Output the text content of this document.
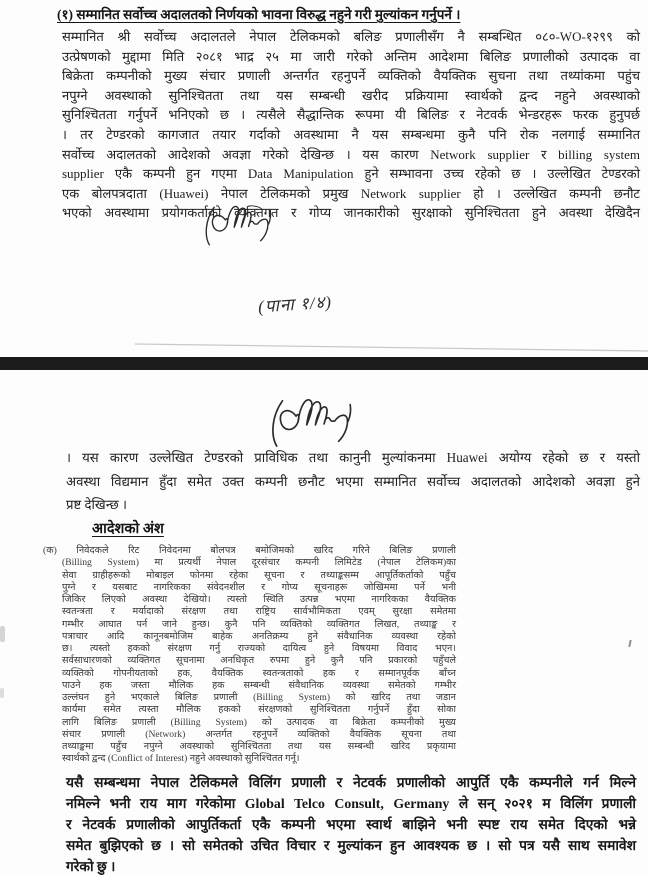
(१) सम्मानित सर्वोच्च अदालतको निर्णयको भावना विरुद्ध नहुने गरी मुल्यांकन गर्नुपर्ने ।
सम्मानित श्री सर्वोच्च अदालतले नेपाल टेलिकमको बलिङ प्रणालीसँग नै सम्बन्धित ०८०-WO-१२९९ को
उत्प्रेषणको मुद्दामा मिति २०८१ भाद्र २५ मा जारी गरेको अन्तिम आदेशमा बिलिङ प्रणालीको उत्पादक वा
बिक्रेता कम्पनीको मुख्य संचार प्रणाली अन्तर्गत रहनुपर्ने व्यक्तिको वैयक्तिक सुचना तथा तथ्यांकमा पहुंच
नपुग्ने अवस्थाको सुनिश्चितता तथा यस सम्बन्धी खरीद प्रक्रियामा स्वार्थको द्वन्द नहुने अवस्थाको
सुनिश्चितता गर्नुपर्ने भनिएको छ । त्यसैले सैद्धान्तिक रूपमा यी बिलिङ र नेटवर्क भेन्डरहरू फरक हुनुपर्छ
। तर टेण्डरको कागजात तयार गर्दाको अवस्थामा नै यस सम्बन्धमा कुनै पनि रोक नलगाई सम्मानित
सर्वोच्च अदालतको आदेशको अवज्ञा गरेको देखिन्छ । यस कारण Network supplier र billing system
supplier एकै कम्पनी हुन गएमा Data Manipulation हुने सम्भावना उच्च रहेको छ । उल्लेखित टेण्डरको
एक बोलपत्रदाता (Huawei) नेपाल टेलिकमको प्रमुख Network supplier हो । उल्लेखित कम्पनी छनौट
भएको अवस्थामा प्रयोगकर्ताको व्यक्तिगत र गोप्य जानकारीको सुरक्षाको सुनिश्चितता हुने अवस्था देखिदैन
(पाना १/४)
। यस कारण उल्लेखित टेण्डरको प्राविधिक तथा कानुनी मुल्यांकनमा Huawei अयोग्य रहेको छ र यस्तो
अवस्था विद्यमान हुँदा समेत उक्त कम्पनी छनौट भएमा सम्मानित सर्वोच्च अदालतको आदेशको अवज्ञा हुने
प्रष्ट देखिन्छ ।
आदेशको अंश
(क) निवेदकले रिट निवेदनमा बोलपत्र बमोजिमको खरिद गरिने बिलिङ प्रणाली
(Billing System) मा प्रत्यर्थी नेपाल दूरसंचार कम्पनी लिमिटेड (नेपाल टेलिकम)का
सेवा ग्राहीहरूको मोबाइल फोनमा रहेका सूचना र तथ्याङ्कसम्म आपूर्तिकर्ताको पहुँच
पुग्ने र यसबाट नागरिकका संवेदनशील र गोप्य सूचनाहरू जोखिममा पर्ने भनी
जिकिर लिएको अवस्था देखियो। त्यस्तो स्थिति उत्पन्न भएमा नागरिकका वैयक्तिक
स्वतन्त्रता र मर्यादाको संरक्षण तथा राष्ट्रिय सार्वभौमिकता एवम् सुरक्षा समेतमा
गम्भीर आघात पर्न जाने हुन्छ। कुनै पनि व्यक्तिको व्यक्तिगत लिखत, तथ्याङ्क र
पत्राचार आदि कानूनबमोजिम बाहेक अनतिक्रम्य हुने संवैधानिक व्यवस्था रहेको
छ। त्यस्तो हकको संरक्षण गर्नु राज्यको दायित्व हुने विषयमा विवाद भएन।
सर्वसाधारणको व्यक्तिगत सूचनामा अनधिकृत रुपमा हुने कुनै पनि प्रकारको पहुँचले
व्यक्तिको गोपनीयताको हक, वैयक्तिक स्वतन्त्रताको हक र सम्मानपूर्वक बाँच्न
पाउने हक जस्ता मौलिक हक सम्बन्धी संवैधानिक व्यवस्था समेतको गम्भीर
उल्लंघन हुने भएकाले बिलिङ प्रणाली (Billing System) को खरिद तथा जडान
कार्यमा समेत त्यस्ता मौलिक हकको संरक्षणको सुनिश्चितता गर्नुपर्ने हुँदा सोका
लागि बिलिङ प्रणाली (Billing System) को उत्पादक वा बिक्रेता कम्पनीको मुख्य
संचार प्रणाली (Network) अन्तर्गत रहनुपर्ने व्यक्तिको वैयक्तिक सूचना तथा
तथ्याङ्कमा पहुँच नपुग्ने अवस्थाको सुनिश्चितता तथा यस सम्बन्धी खरिद प्रकृयामा
स्वार्थको द्वन्द (Conflict of Interest) नहुने अवस्थाको सुनिश्चितत गर्नू।
यसै सम्बन्धमा नेपाल टेलिकमले विलिंग प्रणाली र नेटवर्क प्रणालीको आपुर्ति एकै कम्पनीले गर्न मिल्ने
नमिल्ने भनी राय माग गरेकोमा Global Telco Consult, Germany ले सन् २०२१ म विलिंग प्रणाली
र नेटवर्क प्रणालीको आपुर्तिकर्ता एकै कम्पनी भएमा स्वार्थ बाझिने भनी स्पष्ट राय समेत दिएको भन्ने
समेत बुझिएको छ । सो समेतको उचित विचार र मुल्यांकन हुन आवश्यक छ । सो पत्र यसै साथ समावेश
गरेको छु ।
